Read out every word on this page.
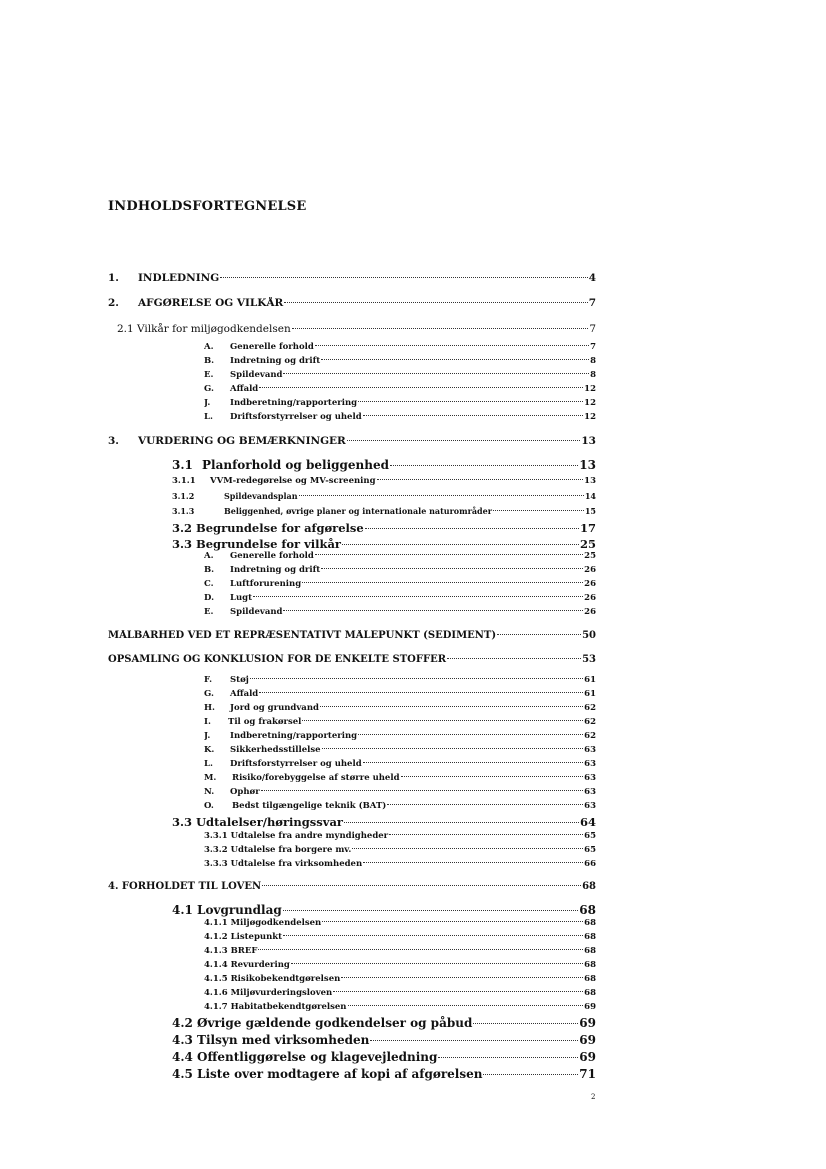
INDHOLDSFORTEGNELSE
1.	INDLEDNING	4
2.	AFGØRELSE OG VILKÅR	7
2.1 Vilkår for miljøgodkendelsen	7
A.	Generelle forhold	7
B.	Indretning og drift	8
E.	Spildevand	8
G.	Affald	12
J.	Indberetning/rapportering	12
L.	Driftsforstyrrelser og uheld	12
3.	VURDERING OG BEMÆRKNINGER	13
3.1 Planforhold og beliggenhed	13
3.1.1	VVM-redegørelse og MV-screening	13
3.1.2	Spildevandsplan	14
3.1.3	Beliggenhed, øvrige planer og internationale naturområder	15
3.2 Begrundelse for afgørelse	17
3.3 Begrundelse for vilkår	25
A.	Generelle forhold	25
B.	Indretning og drift	26
C.	Luftforurening	26
D.	Lugt	26
E.	Spildevand	26
MÅLBARHED VED ET REPRÆSENTATIVT MÅLEPUNKT (SEDIMENT)	50
OPSAMLING OG KONKLUSION FOR DE ENKELTE STOFFER	53
F.	Støj	61
G.	Affald	61
H.	Jord og grundvand	62
I.	Til og frakørsel	62
J.	Indberetning/rapportering	62
K.	Sikkerhedsstillelse	63
L.	Driftsforstyrrelser og uheld	63
M.	Risiko/forebyggelse af større uheld	63
N.	Ophør	63
O.	Bedst tilgængelige teknik (BAT)	63
3.3 Udtalelser/høringssvar	64
3.3.1 Udtalelse fra andre myndigheder	65
3.3.2 Udtalelse fra borgere mv.	65
3.3.3 Udtalelse fra virksomheden	66
4. FORHOLDET TIL LOVEN	68
4.1 Lovgrundlag	68
4.1.1 Miljøgodkendelsen	68
4.1.2 Listepunkt	68
4.1.3 BREF	68
4.1.4 Revurdering	68
4.1.5 Risikobekendtgørelsen	68
4.1.6 Miljøvurderingsloven	68
4.1.7 Habitatbekendtgørelsen	69
4.2 Øvrige gældende godkendelser og påbud	69
4.3 Tilsyn med virksomheden	69
4.4 Offentliggørelse og klagevejledning	69
4.5 Liste over modtagere af kopi af afgørelsen	71
2
